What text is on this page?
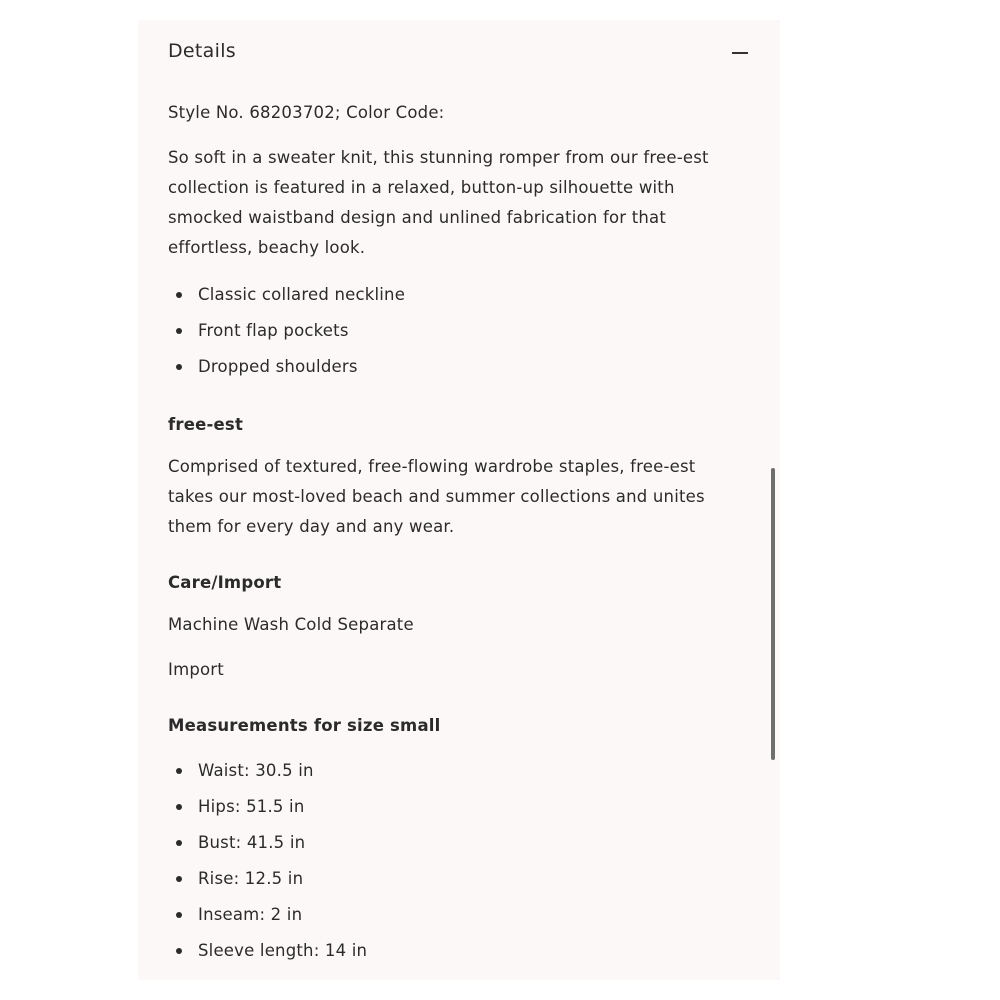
Details

Style No. 68203702; Color Code:

So soft in a sweater knit, this stunning romper from our free-est collection is featured in a relaxed, button-up silhouette with smocked waistband design and unlined fabrication for that effortless, beachy look.

Classic collared neckline
Front flap pockets
Dropped shoulders

free-est

Comprised of textured, free-flowing wardrobe staples, free-est takes our most-loved beach and summer collections and unites them for every day and any wear.

Care/Import

Machine Wash Cold Separate

Import

Measurements for size small

Waist: 30.5 in
Hips: 51.5 in
Bust: 41.5 in
Rise: 12.5 in
Inseam: 2 in
Sleeve length: 14 in
